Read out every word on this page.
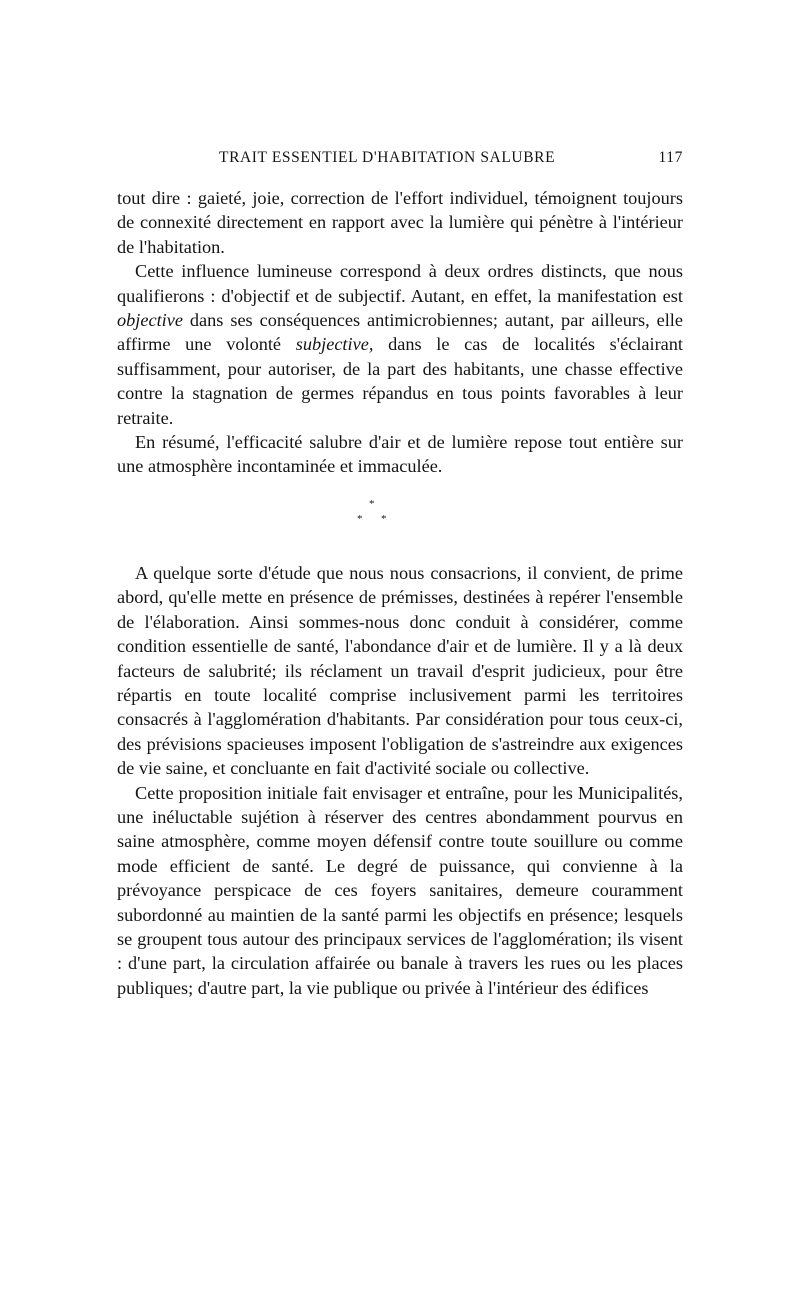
TRAIT ESSENTIEL D'HABITATION SALUBRE	117

tout dire : gaieté, joie, correction de l'effort individuel, témoignent toujours de connexité directement en rapport avec la lumière qui pénètre à l'intérieur de l'habitation.

Cette influence lumineuse correspond à deux ordres distincts, que nous qualifierons : d'objectif et de subjectif. Autant, en effet, la manifestation est objective dans ses conséquences antimicrobiennes; autant, par ailleurs, elle affirme une volonté subjective, dans le cas de localités s'éclairant suffisamment, pour autoriser, de la part des habitants, une chasse effective contre la stagnation de germes répandus en tous points favorables à leur retraite.

En résumé, l'efficacité salubre d'air et de lumière repose tout entière sur une atmosphère incontaminée et immaculée.

*
* *

A quelque sorte d'étude que nous nous consacrions, il convient, de prime abord, qu'elle mette en présence de prémisses, destinées à repérer l'ensemble de l'élaboration. Ainsi sommes-nous donc conduit à considérer, comme condition essentielle de santé, l'abondance d'air et de lumière. Il y a là deux facteurs de salubrité; ils réclament un travail d'esprit judicieux, pour être répartis en toute localité comprise inclusivement parmi les territoires consacrés à l'agglomération d'habitants. Par considération pour tous ceux-ci, des prévisions spacieuses imposent l'obligation de s'astreindre aux exigences de vie saine, et concluante en fait d'activité sociale ou collective.

Cette proposition initiale fait envisager et entraîne, pour les Municipalités, une inéluctable sujétion à réserver des centres abondamment pourvus en saine atmosphère, comme moyen défensif contre toute souillure ou comme mode efficient de santé. Le degré de puissance, qui convienne à la prévoyance perspicace de ces foyers sanitaires, demeure couramment subordonné au maintien de la santé parmi les objectifs en présence; lesquels se groupent tous autour des principaux services de l'agglomération; ils visent : d'une part, la circulation affairée ou banale à travers les rues ou les places publiques; d'autre part, la vie publique ou privée à l'intérieur des édifices
